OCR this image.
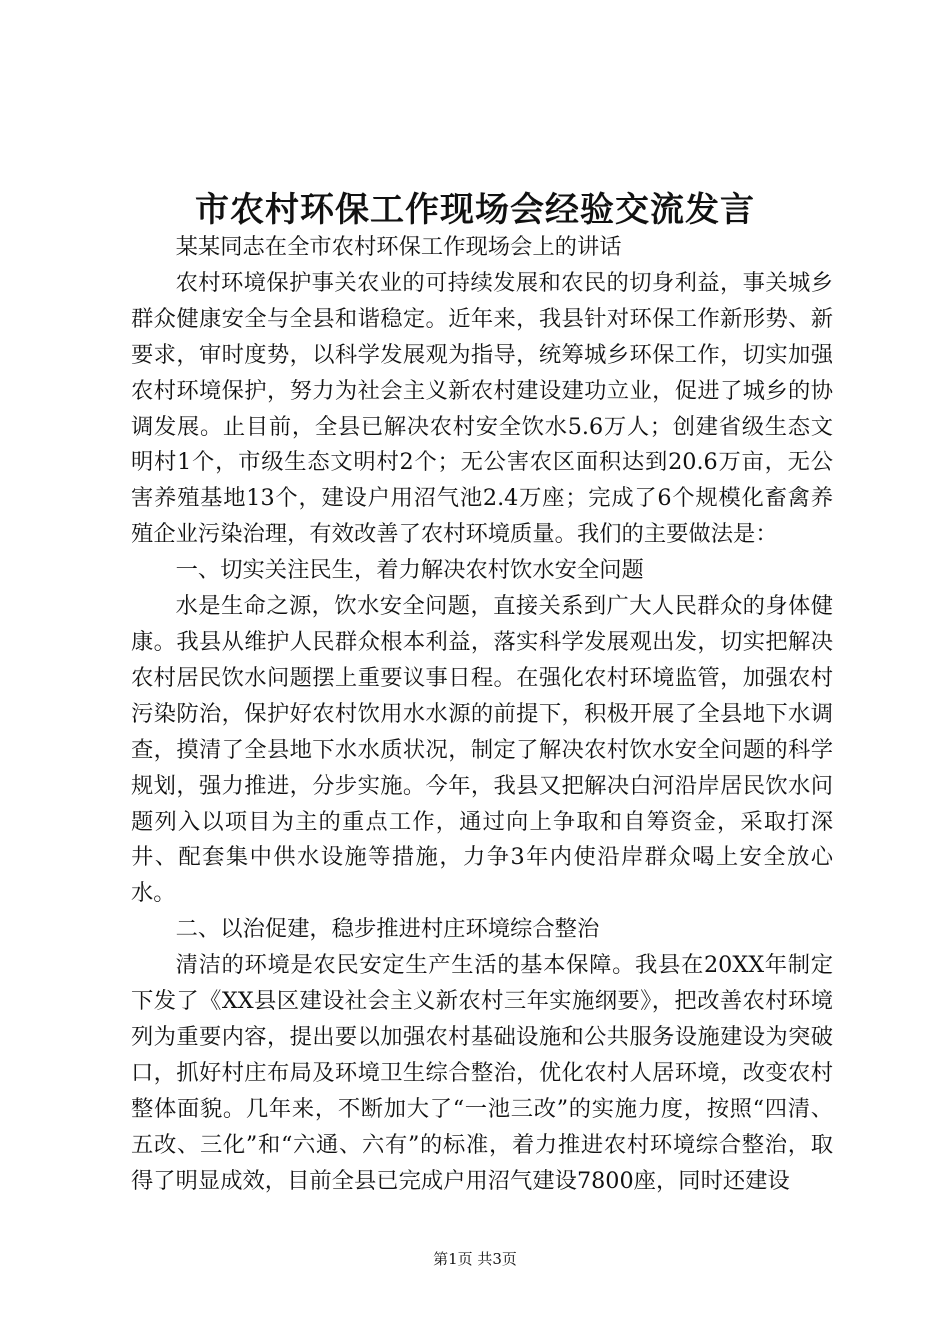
市农村环保工作现场会经验交流发言

某某同志在全市农村环保工作现场会上的讲话

农村环境保护事关农业的可持续发展和农民的切身利益，事关城乡群众健康安全与全县和谐稳定。近年来，我县针对环保工作新形势、新要求，审时度势，以科学发展观为指导，统筹城乡环保工作，切实加强农村环境保护，努力为社会主义新农村建设建功立业，促进了城乡的协调发展。止目前，全县已解决农村安全饮水5.6万人；创建省级生态文明村1个，市级生态文明村2个；无公害农区面积达到20.6万亩，无公害养殖基地13个，建设户用沼气池2.4万座；完成了6个规模化畜禽养殖企业污染治理，有效改善了农村环境质量。我们的主要做法是：

一、切实关注民生，着力解决农村饮水安全问题

水是生命之源，饮水安全问题，直接关系到广大人民群众的身体健康。我县从维护人民群众根本利益，落实科学发展观出发，切实把解决农村居民饮水问题摆上重要议事日程。在强化农村环境监管，加强农村污染防治，保护好农村饮用水水源的前提下，积极开展了全县地下水调查，摸清了全县地下水水质状况，制定了解决农村饮水安全问题的科学规划，强力推进，分步实施。今年，我县又把解决白河沿岸居民饮水问题列入以项目为主的重点工作，通过向上争取和自筹资金，采取打深井、配套集中供水设施等措施，力争3年内使沿岸群众喝上安全放心水。

二、以治促建，稳步推进村庄环境综合整治

清洁的环境是农民安定生产生活的基本保障。我县在20XX年制定下发了《XX县区建设社会主义新农村三年实施纲要》，把改善农村环境列为重要内容，提出要以加强农村基础设施和公共服务设施建设为突破口，抓好村庄布局及环境卫生综合整治，优化农村人居环境，改变农村整体面貌。几年来，不断加大了“一池三改”的实施力度，按照“四清、五改、三化”和“六通、六有”的标准，着力推进农村环境综合整治，取得了明显成效，目前全县已完成户用沼气建设7800座，同时还建设

第1页 共3页
